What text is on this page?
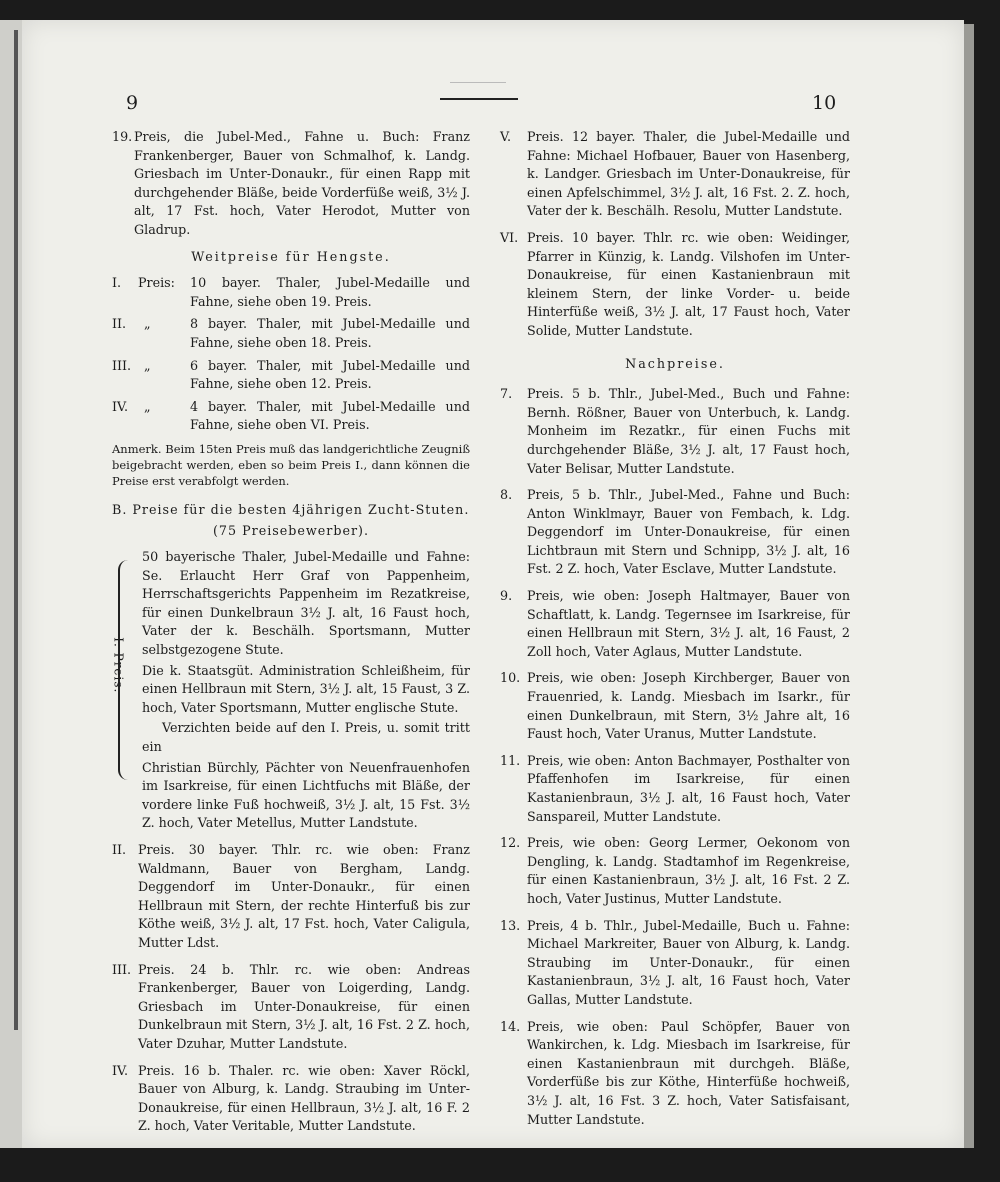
9	10
19. Preis, die Jubel-Med., Fahne u. Buch: Franz Frankenberger, Bauer von Schmalhof, k. Landg. Griesbach im Unter-Donaukr., für einen Rapp mit durchgehender Bläße, beide Vorderfüße weiß, 3½ J. alt, 17 Fst. hoch, Vater Herodot, Mutter von Gladrup.
Weitpreise für Hengste.
I.	Preis:	10 bayer. Thaler, Jubel-Medaille und Fahne, siehe oben 19. Preis.
II.	„	8 bayer. Thaler, mit Jubel-Medaille und Fahne, siehe oben 18. Preis.
III.	„	6 bayer. Thaler, mit Jubel-Medaille und Fahne, siehe oben 12. Preis.
IV.	„	4 bayer. Thaler, mit Jubel-Medaille und Fahne, siehe oben VI. Preis.
Anmerk. Beim 15ten Preis muß das landgerichtliche Zeugniß beigebracht werden, eben so beim Preis I., dann können die Preise erst verabfolgt werden.
B. Preise für die besten 4jährigen Zucht-Stuten.
(75 Preisebewerber).
I. Preis.
50 bayerische Thaler, Jubel-Medaille und Fahne: Se. Erlaucht Herr Graf von Pappenheim, Herrschaftsgerichts Pappenheim im Rezatkreise, für einen Dunkelbraun 3½ J. alt, 16 Faust hoch, Vater der k. Beschälh. Sportsmann, Mutter selbstgezogene Stute.
Die k. Staatsgüt. Administration Schleißheim, für einen Hellbraun mit Stern, 3½ J. alt, 15 Faust, 3 Z. hoch, Vater Sportsmann, Mutter englische Stute.
Verzichten beide auf den I. Preis, u. somit tritt ein
Christian Bürchly, Pächter von Neuenfrauenhofen im Isarkreise, für einen Lichtfuchs mit Bläße, der vordere linke Fuß hochweiß, 3½ J. alt, 15 Fst. 3½ Z. hoch, Vater Metellus, Mutter Landstute.
II. Preis. 30 bayer. Thlr. rc. wie oben: Franz Waldmann, Bauer von Bergham, Landg. Deggendorf im Unter-Donaukr., für einen Hellbraun mit Stern, der rechte Hinterfuß bis zur Köthe weiß, 3½ J. alt, 17 Fst. hoch, Vater Caligula, Mutter Ldst.
III. Preis. 24 b. Thlr. rc. wie oben: Andreas Frankenberger, Bauer von Loigerding, Landg. Griesbach im Unter-Donaukreise, für einen Dunkelbraun mit Stern, 3½ J. alt, 16 Fst. 2 Z. hoch, Vater Dzuhar, Mutter Landstute.
IV. Preis. 16 b. Thaler. rc. wie oben: Xaver Röckl, Bauer von Alburg, k. Landg. Straubing im Unter-Donaukreise, für einen Hellbraun, 3½ J. alt, 16 F. 2 Z. hoch, Vater Veritable, Mutter Landstute.
V.	Preis. 12 bayer. Thaler, die Jubel-Medaille und Fahne: Michael Hofbauer, Bauer von Hasenberg, k. Landger. Griesbach im Unter-Donaukreise, für einen Apfelschimmel, 3½ J. alt, 16 Fst. 2. Z. hoch, Vater der k. Beschälh. Resolu, Mutter Landstute.
VI. Preis. 10 bayer. Thlr. rc. wie oben: Weidinger, Pfarrer in Künzig, k. Landg. Vilshofen im Unter-Donaukreise, für einen Kastanienbraun mit kleinem Stern, der linke Vorder- u. beide Hinterfüße weiß, 3½ J. alt, 17 Faust hoch, Vater Solide, Mutter Landstute.
Nachpreise.
7.	Preis. 5 b. Thlr., Jubel-Med., Buch und Fahne: Bernh. Rößner, Bauer von Unterbuch, k. Landg. Monheim im Rezatkr., für einen Fuchs mit durchgehender Bläße, 3½ J. alt, 17 Faust hoch, Vater Belisar, Mutter Landstute.
8.	Preis, 5 b. Thlr., Jubel-Med., Fahne und Buch: Anton Winklmayr, Bauer von Fembach, k. Ldg. Deggendorf im Unter-Donaukreise, für einen Lichtbraun mit Stern und Schnipp, 3½ J. alt, 16 Fst. 2 Z. hoch, Vater Esclave, Mutter Landstute.
9.	Preis, wie oben: Joseph Haltmayer, Bauer von Schaftlatt, k. Landg. Tegernsee im Isarkreise, für einen Hellbraun mit Stern, 3½ J. alt, 16 Faust, 2 Zoll hoch, Vater Aglaus, Mutter Landstute.
10. Preis, wie oben: Joseph Kirchberger, Bauer von Frauenried, k. Landg. Miesbach im Isarkr., für einen Dunkelbraun, mit Stern, 3½ Jahre alt, 16 Faust hoch, Vater Uranus, Mutter Landstute.
11. Preis, wie oben: Anton Bachmayer, Posthalter von Pfaffenhofen im Isarkreise, für einen Kastanienbraun, 3½ J. alt, 16 Faust hoch, Vater Sanspareil, Mutter Landstute.
12. Preis, wie oben: Georg Lermer, Oekonom von Dengling, k. Landg. Stadtamhof im Regenkreise, für einen Kastanienbraun, 3½ J. alt, 16 Fst. 2 Z. hoch, Vater Justinus, Mutter Landstute.
13. Preis, 4 b. Thlr., Jubel-Medaille, Buch u. Fahne: Michael Markreiter, Bauer von Alburg, k. Landg. Straubing im Unter-Donaukr., für einen Kastanienbraun, 3½ J. alt, 16 Faust hoch, Vater Gallas, Mutter Landstute.
14. Preis, wie oben: Paul Schöpfer, Bauer von Wankirchen, k. Ldg. Miesbach im Isarkreise, für einen Kastanienbraun mit durchgeh. Bläße, Vorderfüße bis zur Köthe, Hinterfüße hochweiß, 3½ J. alt, 16 Fst. 3 Z. hoch, Vater Satisfaisant, Mutter Landstute.
